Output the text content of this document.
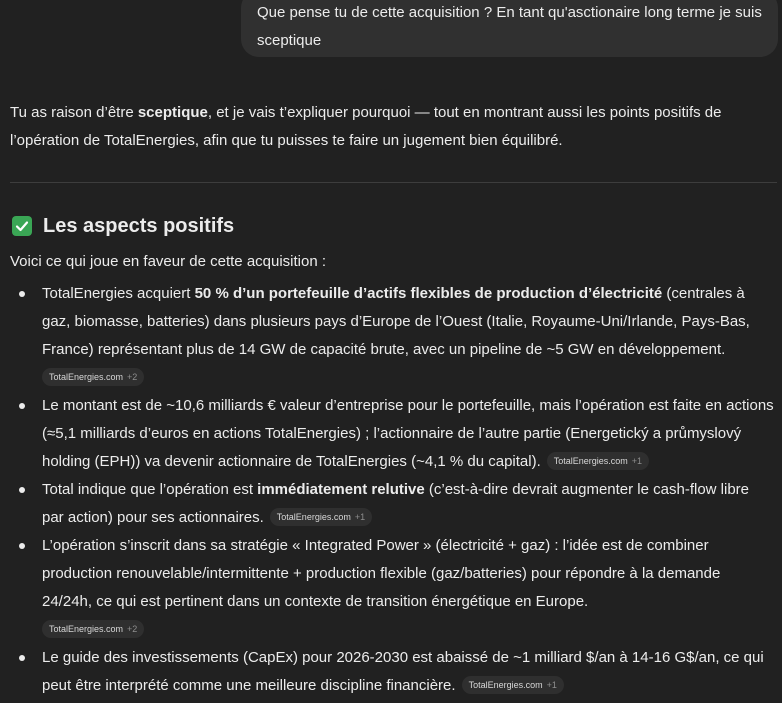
Que pense tu de cette acquisition ? En tant qu'asctionaire long terme je suis sceptique

Tu as raison d’être sceptique, et je vais t’expliquer pourquoi — tout en montrant aussi les points positifs de l’opération de TotalEnergies, afin que tu puisses te faire un jugement bien équilibré.

Les aspects positifs

Voici ce qui joue en faveur de cette acquisition :

TotalEnergies acquiert 50 % d’un portefeuille d’actifs flexibles de production d’électricité (centrales à gaz, biomasse, batteries) dans plusieurs pays d’Europe de l’Ouest (Italie, Royaume-Uni/Irlande, Pays-Bas, France) représentant plus de 14 GW de capacité brute, avec un pipeline de ~5 GW en développement.
TotalEnergies.com +2
Le montant est de ~10,6 milliards € valeur d’entreprise pour le portefeuille, mais l’opération est faite en actions (≈5,1 milliards d’euros en actions TotalEnergies) ; l’actionnaire de l’autre partie (Energetický a průmyslový holding (EPH)) va devenir actionnaire de TotalEnergies (~4,1 % du capital). TotalEnergies.com +1
Total indique que l’opération est immédiatement relutive (c’est-à-dire devrait augmenter le cash-flow libre par action) pour ses actionnaires. TotalEnergies.com +1
L’opération s’inscrit dans sa stratégie « Integrated Power » (électricité + gaz) : l’idée est de combiner production renouvelable/intermittente + production flexible (gaz/batteries) pour répondre à la demande 24/24h, ce qui est pertinent dans un contexte de transition énergétique en Europe.
TotalEnergies.com +2
Le guide des investissements (CapEx) pour 2026-2030 est abaissé de ~1 milliard $/an à 14-16 G$/an, ce qui peut être interprété comme une meilleure discipline financière. TotalEnergies.com +1
